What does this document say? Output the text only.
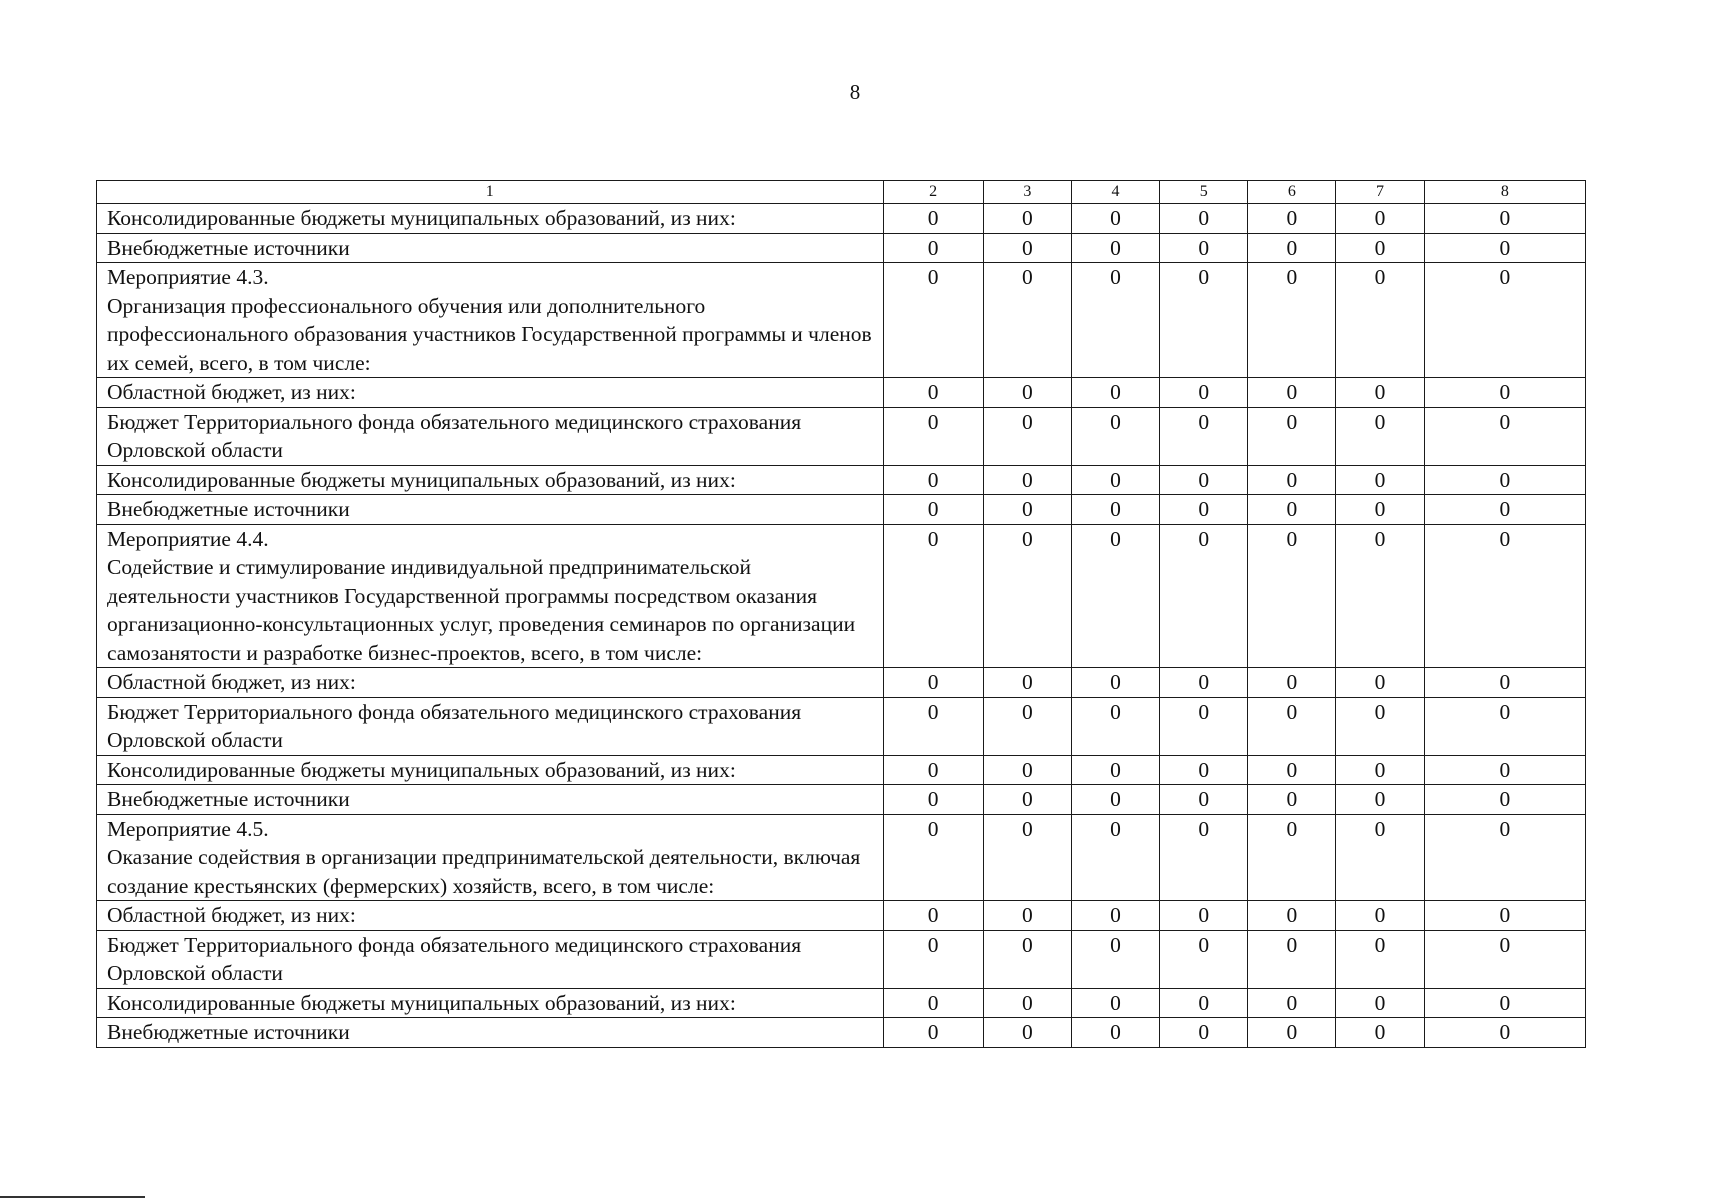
8
1	2	3	4	5	6	7	8
Консолидированные бюджеты муниципальных образований, из них:	0	0	0	0	0	0	0
Внебюджетные источники	0	0	0	0	0	0	0
Мероприятие 4.3.
Организация профессионального обучения или дополнительного профессионального образования участников Государственной программы и членов их семей, всего, в том числе:	0	0	0	0	0	0	0
Областной бюджет, из них:	0	0	0	0	0	0	0
Бюджет Территориального фонда обязательного медицинского страхования Орловской области	0	0	0	0	0	0	0
Консолидированные бюджеты муниципальных образований, из них:	0	0	0	0	0	0	0
Внебюджетные источники	0	0	0	0	0	0	0
Мероприятие 4.4.
Содействие и стимулирование индивидуальной предпринимательской деятельности участников Государственной программы посредством оказания организационно-консультационных услуг, проведения семинаров по организации самозанятости и разработке бизнес-проектов, всего, в том числе:	0	0	0	0	0	0	0
Областной бюджет, из них:	0	0	0	0	0	0	0
Бюджет Территориального фонда обязательного медицинского страхования Орловской области	0	0	0	0	0	0	0
Консолидированные бюджеты муниципальных образований, из них:	0	0	0	0	0	0	0
Внебюджетные источники	0	0	0	0	0	0	0
Мероприятие 4.5.
Оказание содействия в организации предпринимательской деятельности, включая создание крестьянских (фермерских) хозяйств, всего, в том числе:	0	0	0	0	0	0	0
Областной бюджет, из них:	0	0	0	0	0	0	0
Бюджет Территориального фонда обязательного медицинского страхования Орловской области	0	0	0	0	0	0	0
Консолидированные бюджеты муниципальных образований, из них:	0	0	0	0	0	0	0
Внебюджетные источники	0	0	0	0	0	0	0
